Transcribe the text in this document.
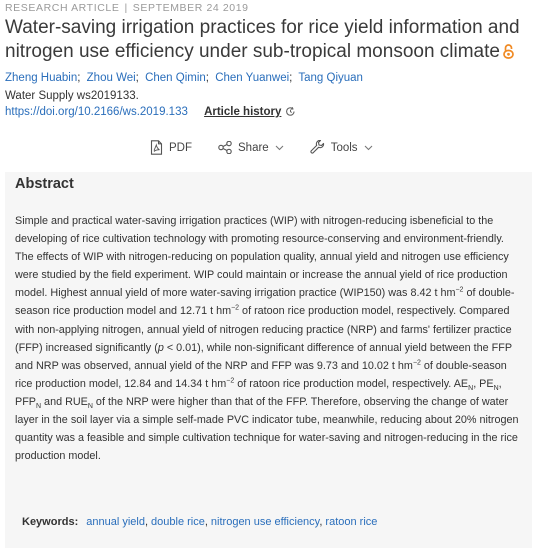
RESEARCH ARTICLE | SEPTEMBER 24 2019
Water-saving irrigation practices for rice yield information and nitrogen use efficiency under sub-tropical monsoon climate
Zheng Huabin; Zhou Wei; Chen Qimin; Chen Yuanwei; Tang Qiyuan
Water Supply ws2019133.
https://doi.org/10.2166/ws.2019.133 Article history
PDF	Share	Tools
Abstract

Simple and practical water-saving irrigation practices (WIP) with nitrogen-reducing isbeneficial to the developing of rice cultivation technology with promoting resource-conserving and environment-friendly. The effects of WIP with nitrogen-reducing on population quality, annual yield and nitrogen use efficiency were studied by the field experiment. WIP could maintain or increase the annual yield of rice production model. Highest annual yield of more water-saving irrigation practice (WIP150) was 8.42 t $hm^{-2}$ of double-season rice production model and 12.71 t $hm^{-2}$ of ratoon rice production model, respectively. Compared with non-applying nitrogen, annual yield of nitrogen reducing practice (NRP) and farms' fertilizer practice (FFP) increased significantly (p < 0.01), while non-significant difference of annual yield between the FFP and NRP was observed, annual yield of the NRP and FFP was 9.73 and 10.02 t $hm^{-2}$ of double-season rice production model, 12.84 and 14.34 t $hm^{-2}$ of ratoon rice production model, respectively. $AE_N$, $PE_N$, $PFP_N$ and $RUE_N$ of the NRP were higher than that of the FFP. Therefore, observing the change of water layer in the soil layer via a simple self-made PVC indicator tube, meanwhile, reducing about 20% nitrogen quantity was a feasible and simple cultivation technique for water-saving and nitrogen-reducing in the rice production model.

Keywords: annual yield, double rice, nitrogen use efficiency, ratoon rice
